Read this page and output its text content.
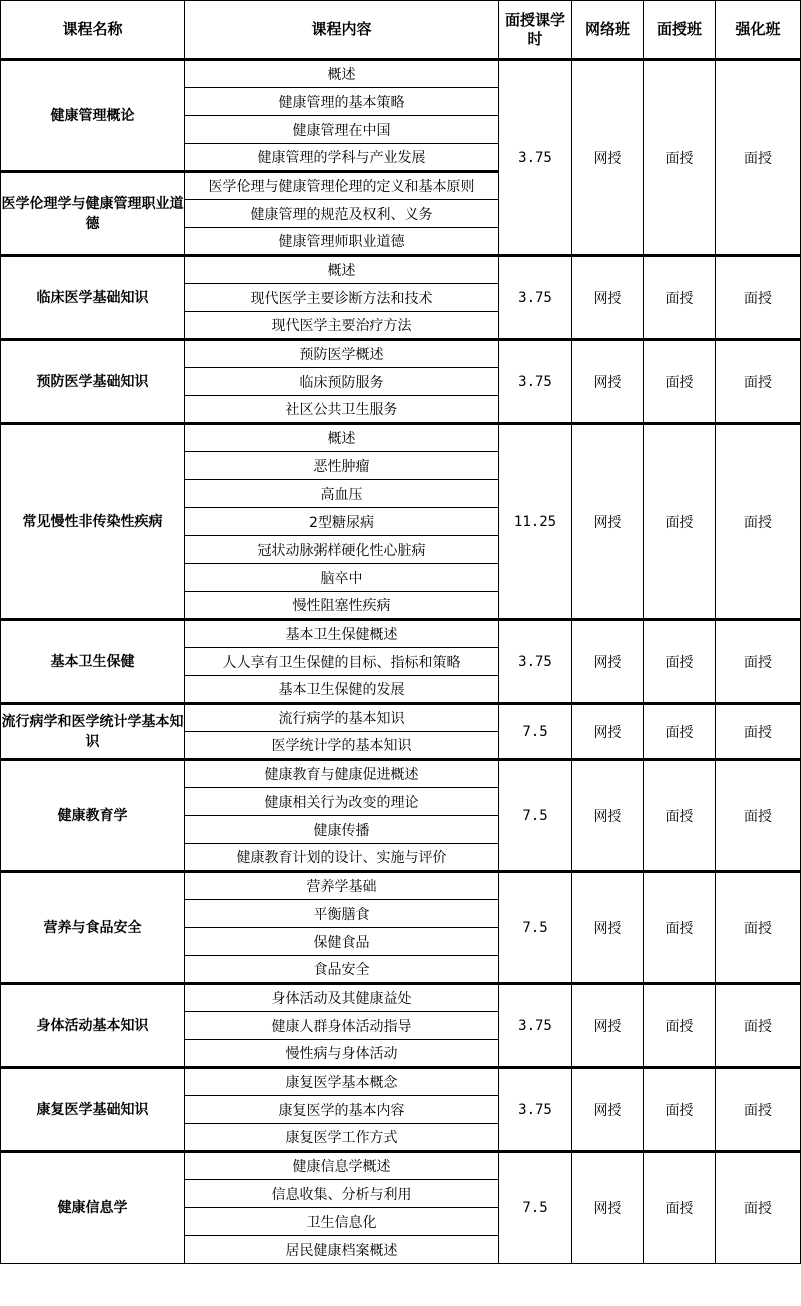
课程名称	课程内容	面授课学时	网络班	面授班	强化班
健康管理概论	概述	3.75	网授	面授	面授
	健康管理的基本策略				
	健康管理在中国				
	健康管理的学科与产业发展				
医学伦理学与健康管理职业道德	医学伦理与健康管理伦理的定义和基本原则				
	健康管理的规范及权利、义务				
	健康管理师职业道德				
临床医学基础知识	概述	3.75	网授	面授	面授
	现代医学主要诊断方法和技术				
	现代医学主要治疗方法				
预防医学基础知识	预防医学概述	3.75	网授	面授	面授
	临床预防服务				
	社区公共卫生服务				
常见慢性非传染性疾病	概述	11.25	网授	面授	面授
	恶性肿瘤				
	高血压				
	2型糖尿病				
	冠状动脉粥样硬化性心脏病				
	脑卒中				
	慢性阻塞性疾病				
基本卫生保健	基本卫生保健概述	3.75	网授	面授	面授
	人人享有卫生保健的目标、指标和策略				
	基本卫生保健的发展				
流行病学和医学统计学基本知识	流行病学的基本知识	7.5	网授	面授	面授
	医学统计学的基本知识				
健康教育学	健康教育与健康促进概述	7.5	网授	面授	面授
	健康相关行为改变的理论				
	健康传播				
	健康教育计划的设计、实施与评价				
营养与食品安全	营养学基础	7.5	网授	面授	面授
	平衡膳食				
	保健食品				
	食品安全				
身体活动基本知识	身体活动及其健康益处	3.75	网授	面授	面授
	健康人群身体活动指导				
	慢性病与身体活动				
康复医学基础知识	康复医学基本概念	3.75	网授	面授	面授
	康复医学的基本内容				
	康复医学工作方式				
健康信息学	健康信息学概述	7.5	网授	面授	面授
	信息收集、分析与利用				
	卫生信息化				
	居民健康档案概述				
